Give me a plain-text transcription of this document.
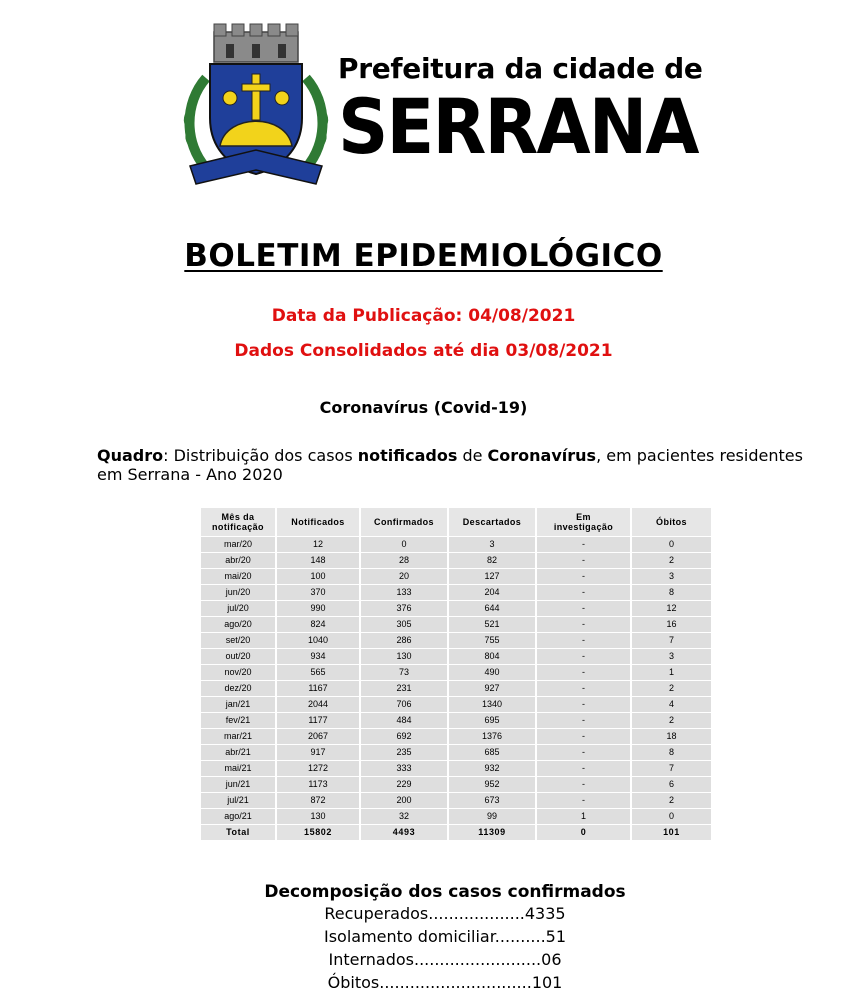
Prefeitura da cidade de
SERRANA
BOLETIM EPIDEMIOLÓGICO
Data da Publicação: 04/08/2021
Dados Consolidados até dia 03/08/2021
Coronavírus (Covid-19)
Quadro: Distribuição dos casos notificados de Coronavírus, em pacientes residentes em Serrana - Ano 2020
Mês da
notificação	Notificados	Confirmados	Descartados	Em
investigação	Óbitos
mar/20	12	0	3	-	0
abr/20	148	28	82	-	2
mai/20	100	20	127	-	3
jun/20	370	133	204	-	8
jul/20	990	376	644	-	12
ago/20	824	305	521	-	16
set/20	1040	286	755	-	7
out/20	934	130	804	-	3
nov/20	565	73	490	-	1
dez/20	1167	231	927	-	2
jan/21	2044	706	1340	-	4
fev/21	1177	484	695	-	2
mar/21	2067	692	1376	-	18
abr/21	917	235	685	-	8
mai/21	1272	333	932	-	7
jun/21	1173	229	952	-	6
jul/21	872	200	673	-	2
ago/21	130	32	99	1	0
Total	15802	4493	11309	0	101
Decomposição dos casos confirmados
Recuperados...................4335
Isolamento domiciliar..........51
Internados.........................06
Óbitos..............................101
